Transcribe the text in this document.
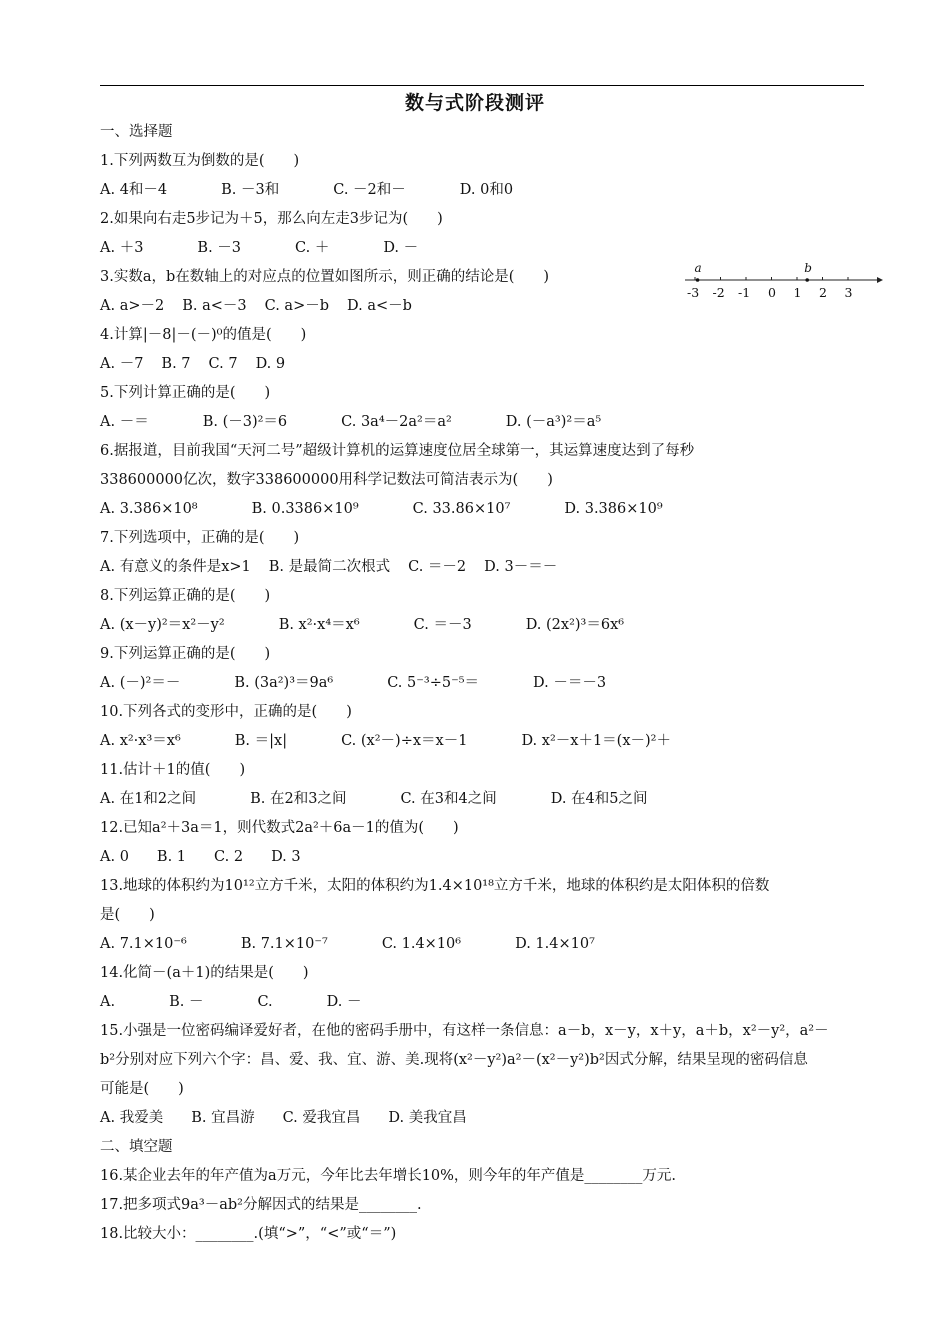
数与式阶段测评
-3 -2 -1 0 1 2 3
a	b
一、选择题
1.下列两数互为倒数的是(　　)
A. 4和－4	B. －3和	C. －2和－	D. 0和0
2.如果向右走5步记为＋5，那么向左走3步记为(　　)
A. ＋3	B. －3	C. ＋	D. －
3.实数a，b在数轴上的对应点的位置如图所示，则正确的结论是(　　)
A. a>－2 B. a<－3 C. a>－b D. a<－b
4.计算|－8|－(－)⁰的值是(　　)
A. －7 B. 7 C. 7 D. 9
5.下列计算正确的是(　　)
A. －＝	B. (－3)²＝6	C. 3a⁴－2a²＝a²	D. (－a³)²＝a⁵
6.据报道，目前我国“天河二号”超级计算机的运算速度位居全球第一，其运算速度达到了每秒
338600000亿次，数字338600000用科学记数法可简洁表示为(　　)
A. 3.386×10⁸	B. 0.3386×10⁹	C. 33.86×10⁷	D. 3.386×10⁹
7.下列选项中，正确的是(　　)
A. 有意义的条件是x>1 B. 是最简二次根式 C. ＝－2 D. 3－＝－
8.下列运算正确的是(　　)
A. (x－y)²＝x²－y²	B. x²·x⁴＝x⁶	C. ＝－3	D. (2x²)³＝6x⁶
9.下列运算正确的是(　　)
A. (－)²＝－	B. (3a²)³＝9a⁶	C. 5⁻³÷5⁻⁵＝	D. －＝－3
10.下列各式的变形中，正确的是(　　)
A. x²·x³＝x⁶	B. ＝|x|	C. (x²－)÷x＝x－1	D. x²－x＋1＝(x－)²＋
11.估计＋1的值(　　)
A. 在1和2之间	B. 在2和3之间	C. 在3和4之间	D. 在4和5之间
12.已知a²＋3a＝1，则代数式2a²＋6a－1的值为(　　)
A. 0 B. 1 C. 2 D. 3
13.地球的体积约为10¹²立方千米，太阳的体积约为1.4×10¹⁸立方千米，地球的体积约是太阳体积的倍数
是(　　)
A. 7.1×10⁻⁶	B. 7.1×10⁻⁷	C. 1.4×10⁶	D. 1.4×10⁷
14.化简－(a＋1)的结果是(　　)
A.	B. －	C.	D. －
15.小强是一位密码编译爱好者，在他的密码手册中，有这样一条信息：a－b，x－y，x＋y，a＋b，x²－y²，a²－
b²分别对应下列六个字：昌、爱、我、宜、游、美.现将(x²－y²)a²－(x²－y²)b²因式分解，结果呈现的密码信息
可能是(　　)
A. 我爱美 B. 宜昌游 C. 爱我宜昌 D. 美我宜昌
二、填空题
16.某企业去年的年产值为a万元，今年比去年增长10%，则今年的年产值是________万元.
17.把多项式9a³－ab²分解因式的结果是________.
18.比较大小：________.(填“>”，“<”或“＝”)
